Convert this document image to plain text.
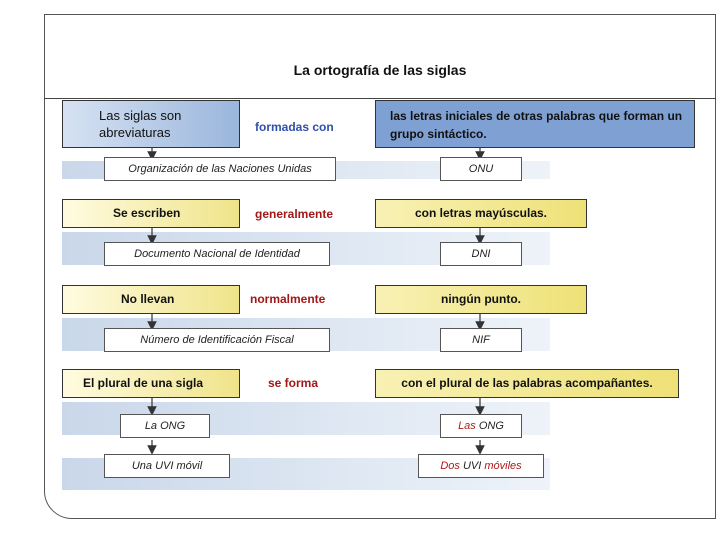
La ortografía de las siglas
Las siglas son abreviaturas	formadas con
las letras iniciales de otras palabras que forman un grupo sintáctico.
Organización de las Naciones Unidas	ONU
Se escriben	generalmente	con letras mayúsculas.
Documento Nacional de Identidad	DNI
No llevan	normalmente	ningún punto.
Número de Identificación Fiscal	NIF
El plural de una sigla	se forma	con el plural de las palabras acompañantes.
La ONG	Las ONG
Una UVI móvil	Dos UVI móviles
